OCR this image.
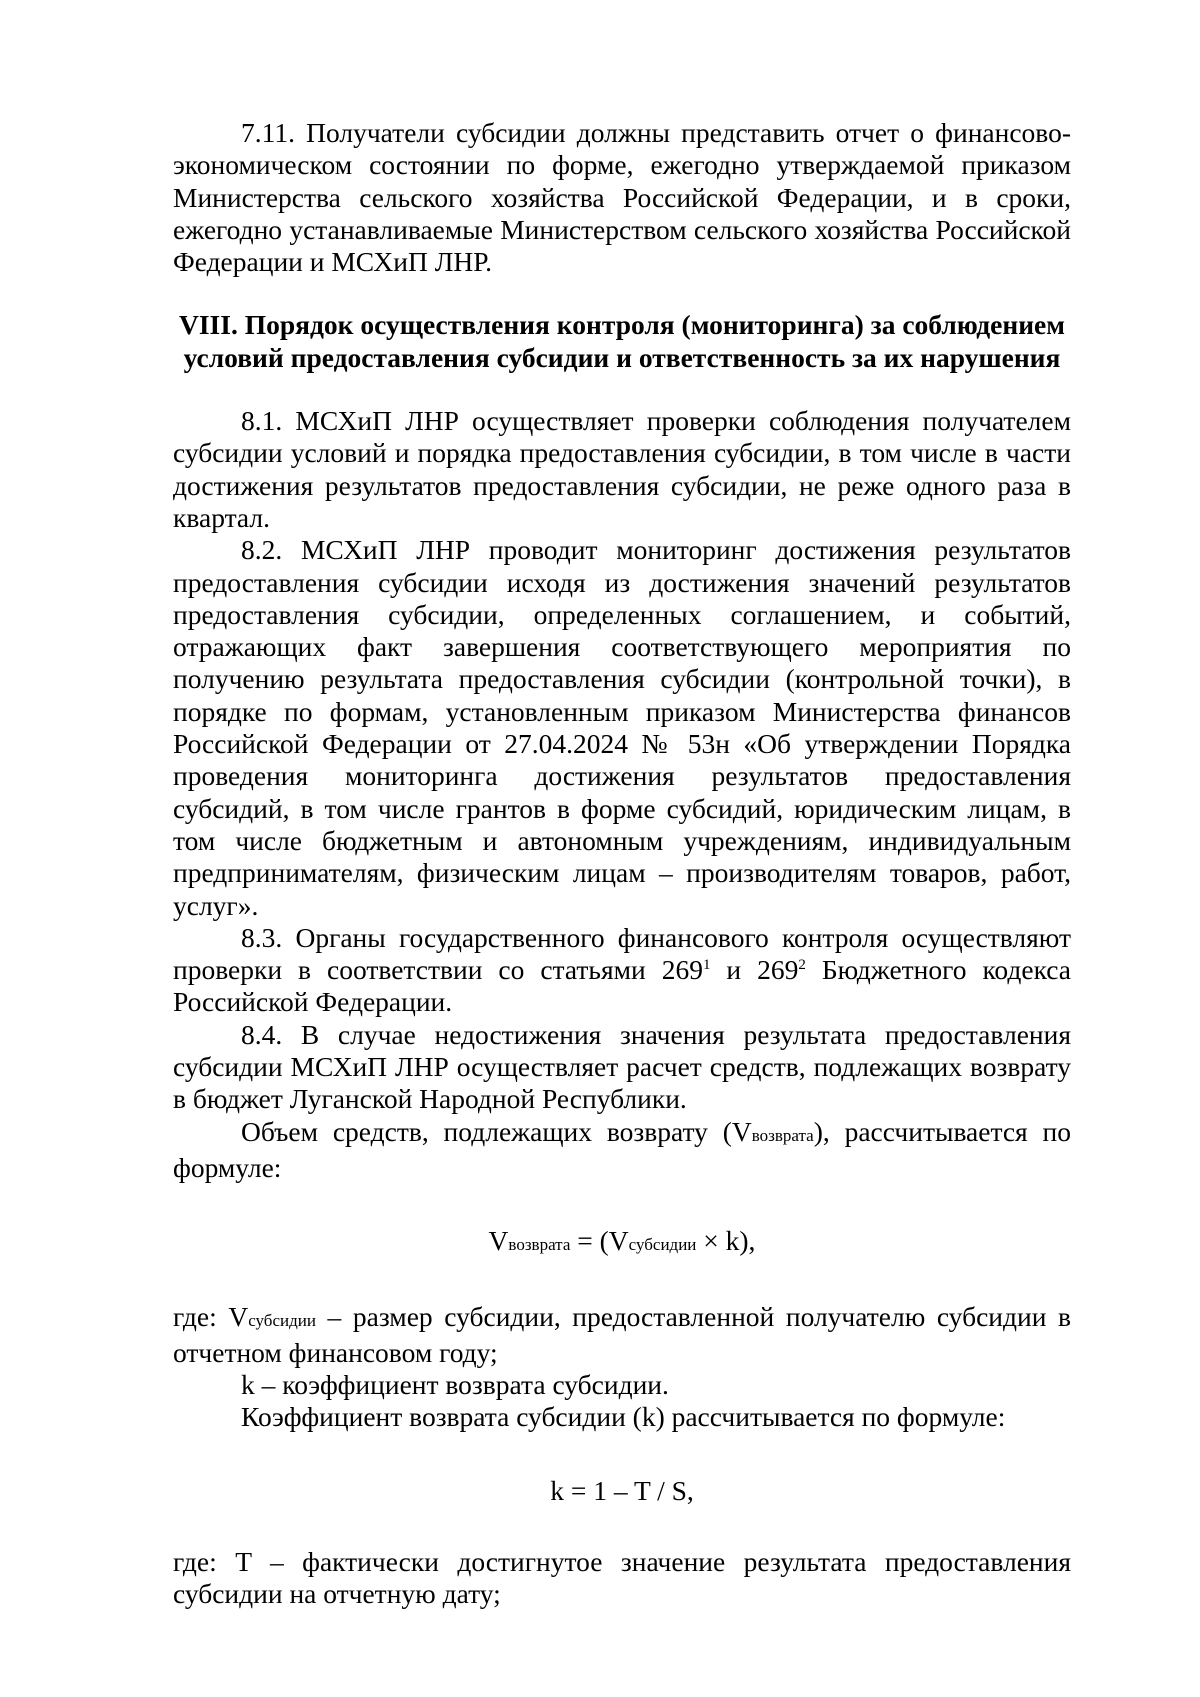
7.11. Получатели субсидии должны представить отчет о финансово-экономическом состоянии по форме, ежегодно утверждаемой приказом Министерства сельского хозяйства Российской Федерации, и в сроки, ежегодно устанавливаемые Министерством сельского хозяйства Российской Федерации и МСХиП ЛНР.

VIII. Порядок осуществления контроля (мониторинга) за соблюдением
условий предоставления субсидии и ответственность за их нарушения

8.1. МСХиП ЛНР осуществляет проверки соблюдения получателем субсидии условий и порядка предоставления субсидии, в том числе в части достижения результатов предоставления субсидии, не реже одного раза в квартал.

8.2. МСХиП ЛНР проводит мониторинг достижения результатов предоставления субсидии исходя из достижения значений результатов предоставления субсидии, определенных соглашением, и событий, отражающих факт завершения соответствующего мероприятия по получению результата предоставления субсидии (контрольной точки), в порядке по формам, установленным приказом Министерства финансов Российской Федерации от 27.04.2024 № 53н «Об утверждении Порядка проведения мониторинга достижения результатов предоставления субсидий, в том числе грантов в форме субсидий, юридическим лицам, в том числе бюджетным и автономным учреждениям, индивидуальным предпринимателям, физическим лицам – производителям товаров, работ, услуг».

8.3. Органы государственного финансового контроля осуществляют проверки в соответствии со статьями $269^1$ и $269^2$ Бюджетного кодекса Российской Федерации.

8.4. В случае недостижения значения результата предоставления субсидии МСХиП ЛНР осуществляет расчет средств, подлежащих возврату в бюджет Луганской Народной Республики.

Объем средств, подлежащих возврату (Vвозврата), рассчитывается по формуле:

Vвозврата = (Vсубсидии × k),

где: Vсубсидии – размер субсидии, предоставленной получателю субсидии в отчетном финансовом году;

k – коэффициент возврата субсидии.

Коэффициент возврата субсидии (k) рассчитывается по формуле:

k = 1 – T / S,

где: T – фактически достигнутое значение результата предоставления субсидии на отчетную дату;
